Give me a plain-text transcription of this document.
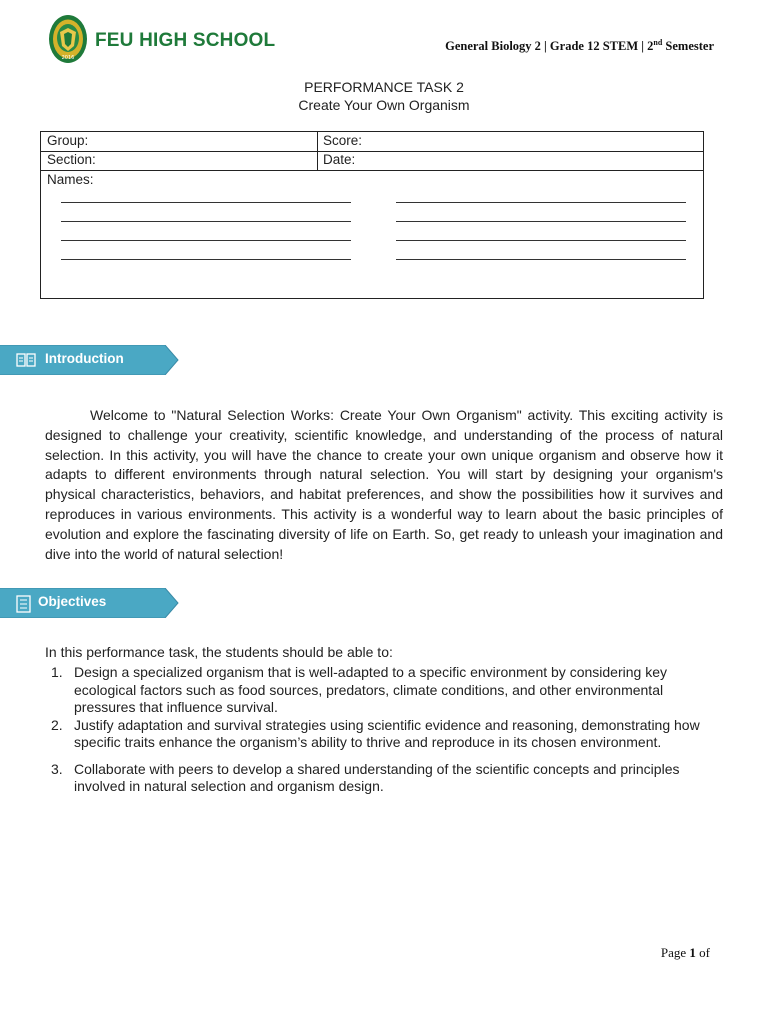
2016
FEU HIGH SCHOOL	General Biology 2 | Grade 12 STEM | 2nd Semester
PERFORMANCE TASK 2
Create Your Own Organism
Group:	Score:
Section:	Date:
Names:
Introduction
Welcome to "Natural Selection Works: Create Your Own Organism" activity. This exciting activity is designed to challenge your creativity, scientific knowledge, and understanding of the process of natural selection. In this activity, you will have the chance to create your own unique organism and observe how it adapts to different environments through natural selection. You will start by designing your organism's physical characteristics, behaviors, and habitat preferences, and show the possibilities how it survives and reproduces in various environments. This activity is a wonderful way to learn about the basic principles of evolution and explore the fascinating diversity of life on Earth. So, get ready to unleash your imagination and dive into the world of natural selection!
Objectives
In this performance task, the students should be able to:
1. Design a specialized organism that is well-adapted to a specific environment by considering key ecological factors such as food sources, predators, climate conditions, and other environmental pressures that influence survival.
2. Justify adaptation and survival strategies using scientific evidence and reasoning, demonstrating how specific traits enhance the organism’s ability to thrive and reproduce in its chosen environment.
3. Collaborate with peers to develop a shared understanding of the scientific concepts and principles involved in natural selection and organism design.
Page 1 of
